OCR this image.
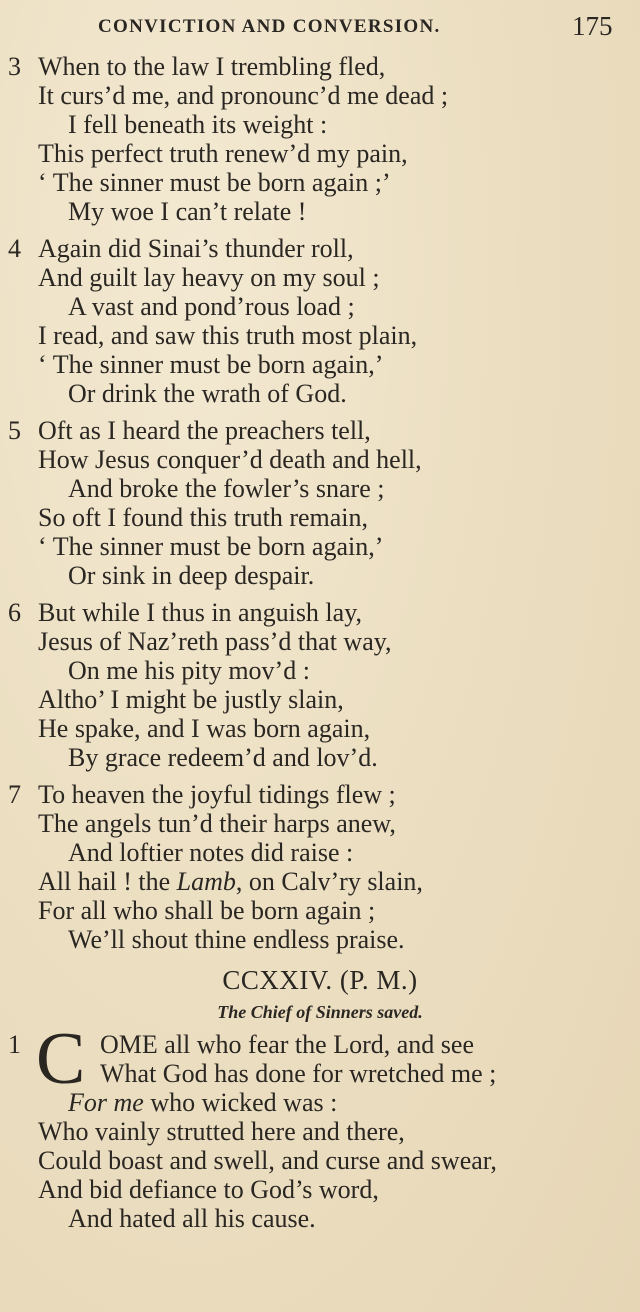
CONVICTION AND CONVERSION.	175
3 When to the law I trembling fled,
It curs’d me, and pronounc’d me dead ;
I fell beneath its weight :
This perfect truth renew’d my pain,
‘ The sinner must be born again ;’
My woe I can’t relate !
4 Again did Sinai’s thunder roll,
And guilt lay heavy on my soul ;
A vast and pond’rous load ;
I read, and saw this truth most plain,
‘ The sinner must be born again,’
Or drink the wrath of God.
5 Oft as I heard the preachers tell,
How Jesus conquer’d death and hell,
And broke the fowler’s snare ;
So oft I found this truth remain,
‘ The sinner must be born again,’
Or sink in deep despair.
6 But while I thus in anguish lay,
Jesus of Naz’reth pass’d that way,
On me his pity mov’d :
Altho’ I might be justly slain,
He spake, and I was born again,
By grace redeem’d and lov’d.
7 To heaven the joyful tidings flew ;
The angels tun’d their harps anew,
And loftier notes did raise :
All hail ! the Lamb, on Calv’ry slain,
For all who shall be born again ;
We’ll shout thine endless praise.
CCXXIV. (P. M.)
The Chief of Sinners saved.
C
1	OME all who fear the Lord, and see
What God has done for wretched me ;
For me who wicked was :
Who vainly strutted here and there,
Could boast and swell, and curse and swear,
And bid defiance to God’s word,
And hated all his cause.
